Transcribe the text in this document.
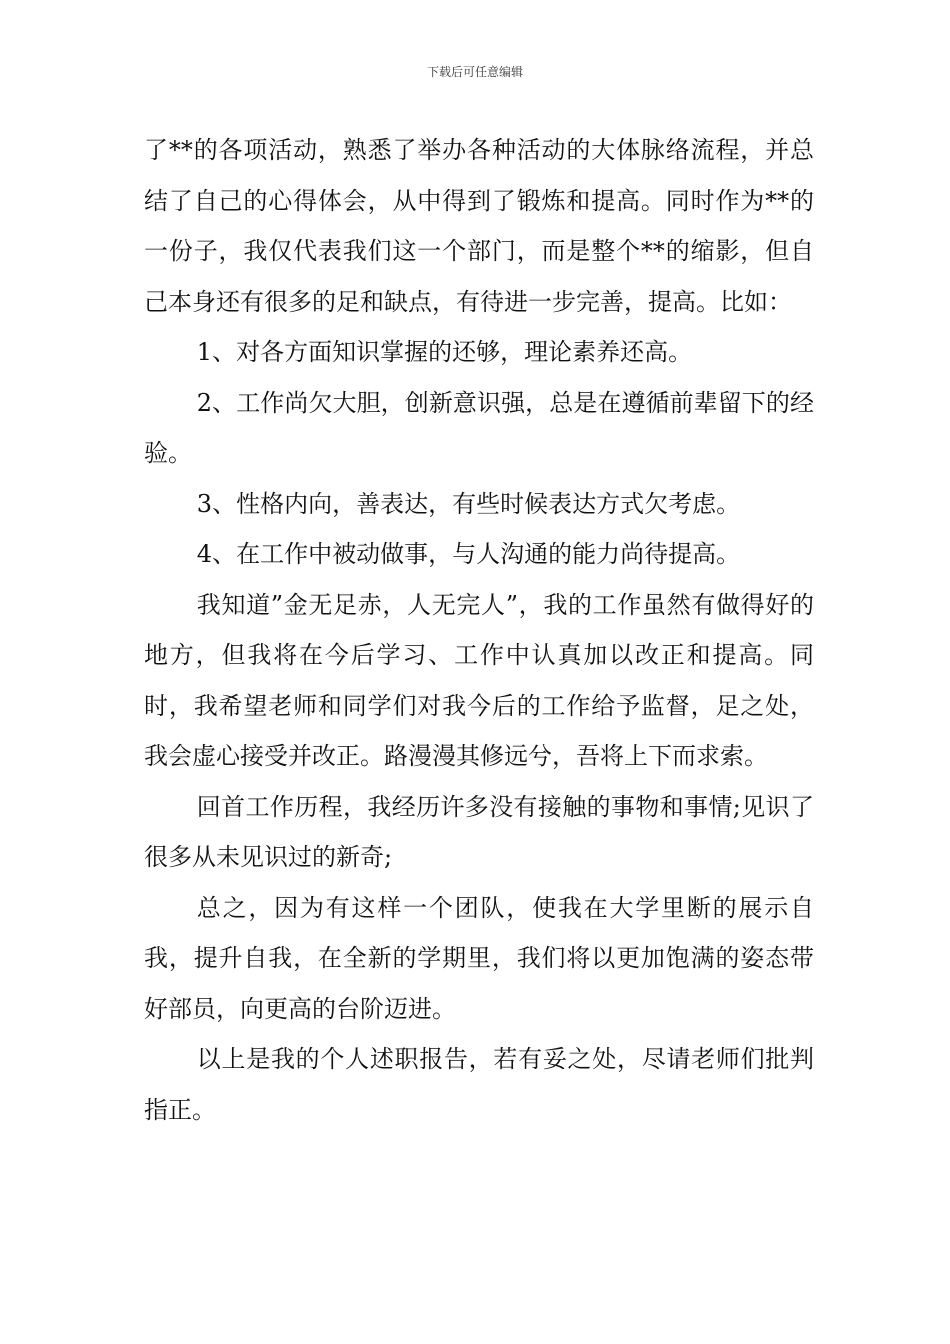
下载后可任意编辑

了**的各项活动，熟悉了举办各种活动的大体脉络流程，并总结了自己的心得体会，从中得到了锻炼和提高。同时作为**的一份子，我仅代表我们这一个部门，而是整个**的缩影，但自己本身还有很多的足和缺点，有待进一步完善，提高。比如：

1、对各方面知识掌握的还够，理论素养还高。

2、工作尚欠大胆，创新意识强，总是在遵循前辈留下的经验。

3、性格内向，善表达，有些时候表达方式欠考虑。

4、在工作中被动做事，与人沟通的能力尚待提高。

我知道”金无足赤，人无完人”，我的工作虽然有做得好的地方，但我将在今后学习、工作中认真加以改正和提高。同时，我希望老师和同学们对我今后的工作给予监督，足之处，我会虚心接受并改正。路漫漫其修远兮，吾将上下而求索。

回首工作历程，我经历许多没有接触的事物和事情;见识了很多从未见识过的新奇;

总之，因为有这样一个团队，使我在大学里断的展示自我，提升自我，在全新的学期里，我们将以更加饱满的姿态带好部员，向更高的台阶迈进。

以上是我的个人述职报告，若有妥之处，尽请老师们批判指正。
